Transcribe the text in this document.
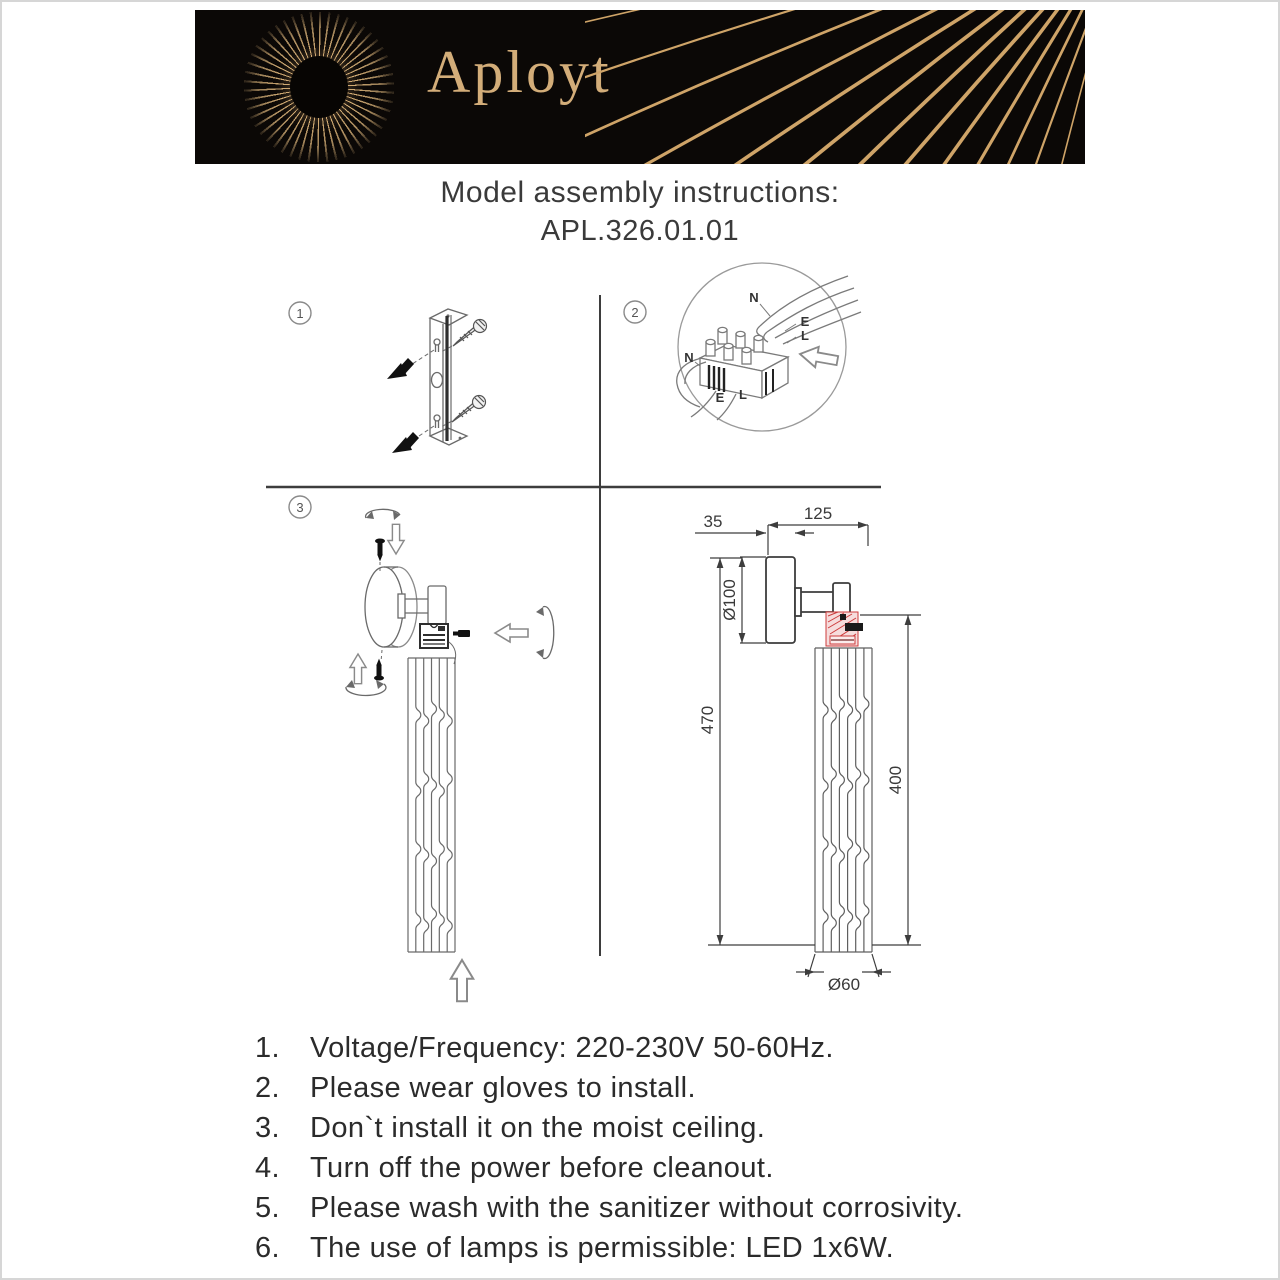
Aployt
Model assembly instructions:
APL.326.01.01
1	2
3
N
E
L
N
E L
35	125
Ø100
470
400
Ø60
1.	Voltage/Frequency: 220-230V 50-60Hz.
2.	Please wear gloves to install.
3.	Don`t install it on the moist ceiling.
4.	Turn off the power before cleanout.
5.	Please wash with the sanitizer without corrosivity.
6.	The use of lamps is permissible: LED 1x6W.
